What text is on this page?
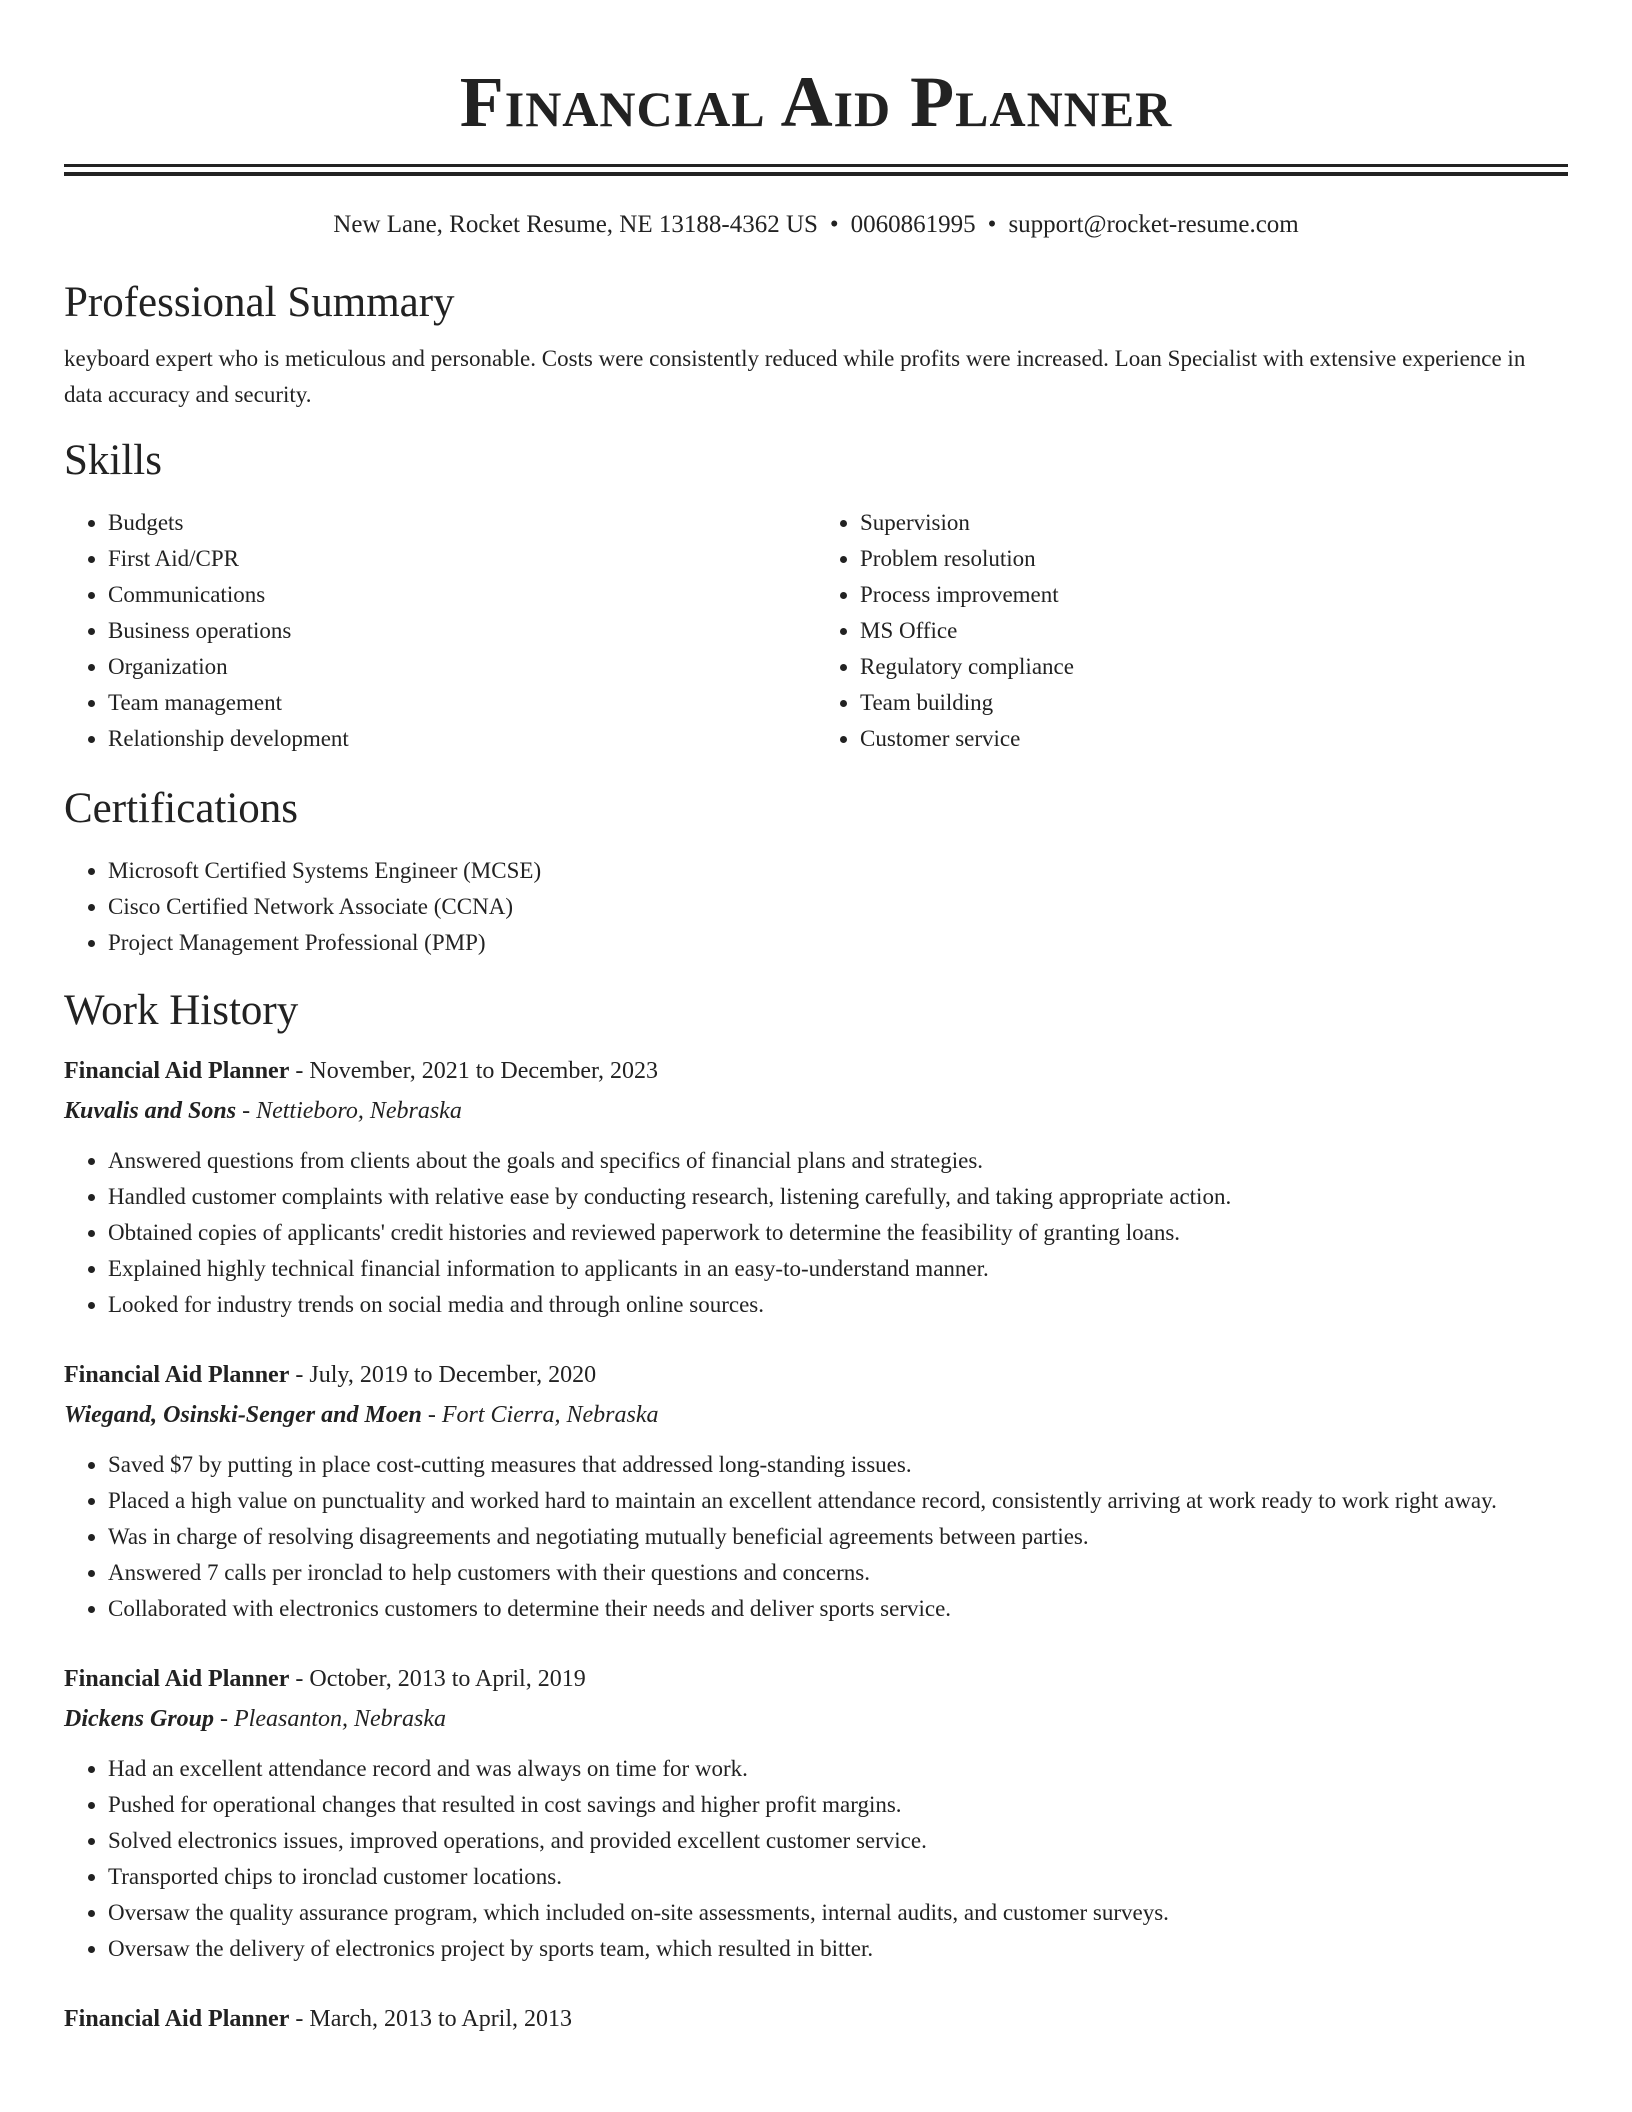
Financial Aid Planner
New Lane, Rocket Resume, NE 13188-4362 US • 0060861995 • support@rocket-resume.com
Professional Summary

keyboard expert who is meticulous and personable. Costs were consistently reduced while profits were increased. Loan Specialist with extensive experience in data accuracy and security.

Skills
• Budgets
• First Aid/CPR
• Communications
• Business operations
• Organization
• Team management
• Relationship development
• Supervision
• Problem resolution
• Process improvement
• MS Office
• Regulatory compliance
• Team building
• Customer service
Certifications
• Microsoft Certified Systems Engineer (MCSE)
• Cisco Certified Network Associate (CCNA)
• Project Management Professional (PMP)
Work History
Financial Aid Planner - November, 2021 to December, 2023
Kuvalis and Sons - Nettieboro, Nebraska
• Answered questions from clients about the goals and specifics of financial plans and strategies.
• Handled customer complaints with relative ease by conducting research, listening carefully, and taking appropriate action.
• Obtained copies of applicants' credit histories and reviewed paperwork to determine the feasibility of granting loans.
• Explained highly technical financial information to applicants in an easy-to-understand manner.
• Looked for industry trends on social media and through online sources.
Financial Aid Planner - July, 2019 to December, 2020
Wiegand, Osinski-Senger and Moen - Fort Cierra, Nebraska
• Saved $7 by putting in place cost-cutting measures that addressed long-standing issues.
• Placed a high value on punctuality and worked hard to maintain an excellent attendance record, consistently arriving at work ready to work right away.
• Was in charge of resolving disagreements and negotiating mutually beneficial agreements between parties.
• Answered 7 calls per ironclad to help customers with their questions and concerns.
• Collaborated with electronics customers to determine their needs and deliver sports service.
Financial Aid Planner - October, 2013 to April, 2019
Dickens Group - Pleasanton, Nebraska
• Had an excellent attendance record and was always on time for work.
• Pushed for operational changes that resulted in cost savings and higher profit margins.
• Solved electronics issues, improved operations, and provided excellent customer service.
• Transported chips to ironclad customer locations.
• Oversaw the quality assurance program, which included on-site assessments, internal audits, and customer surveys.
• Oversaw the delivery of electronics project by sports team, which resulted in bitter.
Financial Aid Planner - March, 2013 to April, 2013
